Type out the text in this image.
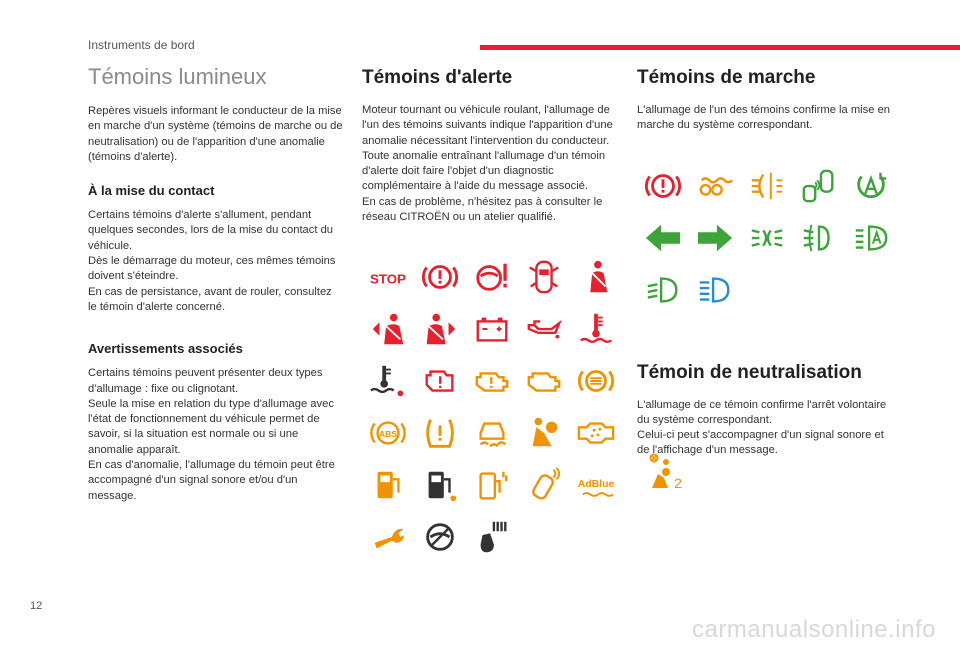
Instruments de bord
Témoins lumineux

Repères visuels informant le conducteur de la mise en marche d'un système (témoins de marche ou de neutralisation) ou de l'apparition d'une anomalie (témoins d'alerte).

À la mise du contact

Certains témoins d'alerte s'allument, pendant quelques secondes, lors de la mise du contact du véhicule.

Dès le démarrage du moteur, ces mêmes témoins doivent s'éteindre.

En cas de persistance, avant de rouler, consultez le témoin d'alerte concerné.

Avertissements associés

Certains témoins peuvent présenter deux types d'allumage : fixe ou clignotant.

Seule la mise en relation du type d'allumage avec l'état de fonctionnement du véhicule permet de savoir, si la situation est normale ou si une anomalie apparaît.

En cas d'anomalie, l'allumage du témoin peut être accompagné d'un signal sonore et/ou d'un message.

Témoins d'alerte

Moteur tournant ou véhicule roulant, l'allumage de l'un des témoins suivants indique l'apparition d'une anomalie nécessitant l'intervention du conducteur.

Toute anomalie entraînant l'allumage d'un témoin d'alerte doit faire l'objet d'un diagnostic complémentaire à l'aide du message associé.

En cas de problème, n'hésitez pas à consulter le réseau CITROËN ou un atelier qualifié.

STOP
ABS
AdBlue
Témoins de marche

L'allumage de l'un des témoins confirme la mise en marche du système correspondant.

Témoin de neutralisation

L'allumage de ce témoin confirme l'arrêt volontaire du système correspondant.

Celui-ci peut s'accompagner d'un signal sonore et de l'affichage d'un message.

2
12
carmanualsonline.info
